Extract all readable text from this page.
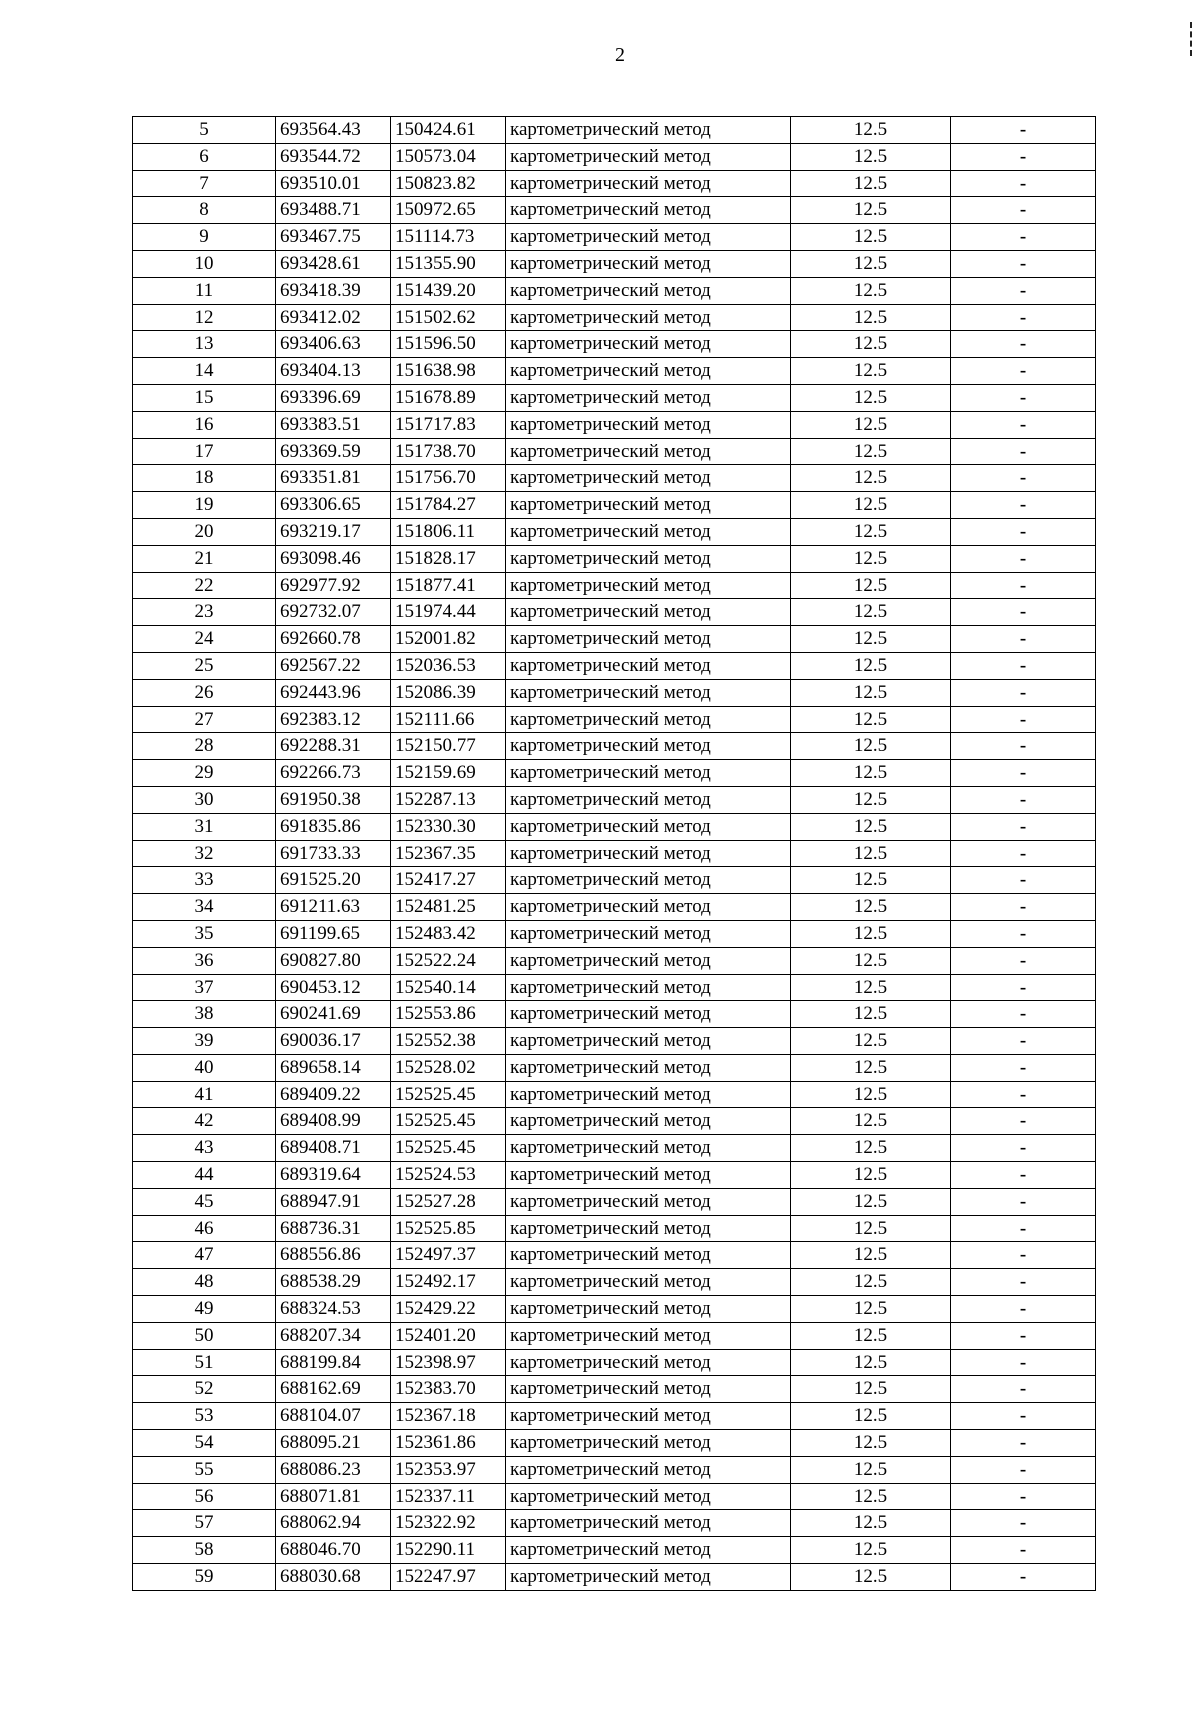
2
5	693564.43	150424.61	картометрический метод	12.5	-
6	693544.72	150573.04	картометрический метод	12.5	-
7	693510.01	150823.82	картометрический метод	12.5	-
8	693488.71	150972.65	картометрический метод	12.5	-
9	693467.75	151114.73	картометрический метод	12.5	-
10	693428.61	151355.90	картометрический метод	12.5	-
11	693418.39	151439.20	картометрический метод	12.5	-
12	693412.02	151502.62	картометрический метод	12.5	-
13	693406.63	151596.50	картометрический метод	12.5	-
14	693404.13	151638.98	картометрический метод	12.5	-
15	693396.69	151678.89	картометрический метод	12.5	-
16	693383.51	151717.83	картометрический метод	12.5	-
17	693369.59	151738.70	картометрический метод	12.5	-
18	693351.81	151756.70	картометрический метод	12.5	-
19	693306.65	151784.27	картометрический метод	12.5	-
20	693219.17	151806.11	картометрический метод	12.5	-
21	693098.46	151828.17	картометрический метод	12.5	-
22	692977.92	151877.41	картометрический метод	12.5	-
23	692732.07	151974.44	картометрический метод	12.5	-
24	692660.78	152001.82	картометрический метод	12.5	-
25	692567.22	152036.53	картометрический метод	12.5	-
26	692443.96	152086.39	картометрический метод	12.5	-
27	692383.12	152111.66	картометрический метод	12.5	-
28	692288.31	152150.77	картометрический метод	12.5	-
29	692266.73	152159.69	картометрический метод	12.5	-
30	691950.38	152287.13	картометрический метод	12.5	-
31	691835.86	152330.30	картометрический метод	12.5	-
32	691733.33	152367.35	картометрический метод	12.5	-
33	691525.20	152417.27	картометрический метод	12.5	-
34	691211.63	152481.25	картометрический метод	12.5	-
35	691199.65	152483.42	картометрический метод	12.5	-
36	690827.80	152522.24	картометрический метод	12.5	-
37	690453.12	152540.14	картометрический метод	12.5	-
38	690241.69	152553.86	картометрический метод	12.5	-
39	690036.17	152552.38	картометрический метод	12.5	-
40	689658.14	152528.02	картометрический метод	12.5	-
41	689409.22	152525.45	картометрический метод	12.5	-
42	689408.99	152525.45	картометрический метод	12.5	-
43	689408.71	152525.45	картометрический метод	12.5	-
44	689319.64	152524.53	картометрический метод	12.5	-
45	688947.91	152527.28	картометрический метод	12.5	-
46	688736.31	152525.85	картометрический метод	12.5	-
47	688556.86	152497.37	картометрический метод	12.5	-
48	688538.29	152492.17	картометрический метод	12.5	-
49	688324.53	152429.22	картометрический метод	12.5	-
50	688207.34	152401.20	картометрический метод	12.5	-
51	688199.84	152398.97	картометрический метод	12.5	-
52	688162.69	152383.70	картометрический метод	12.5	-
53	688104.07	152367.18	картометрический метод	12.5	-
54	688095.21	152361.86	картометрический метод	12.5	-
55	688086.23	152353.97	картометрический метод	12.5	-
56	688071.81	152337.11	картометрический метод	12.5	-
57	688062.94	152322.92	картометрический метод	12.5	-
58	688046.70	152290.11	картометрический метод	12.5	-
59	688030.68	152247.97	картометрический метод	12.5	-
